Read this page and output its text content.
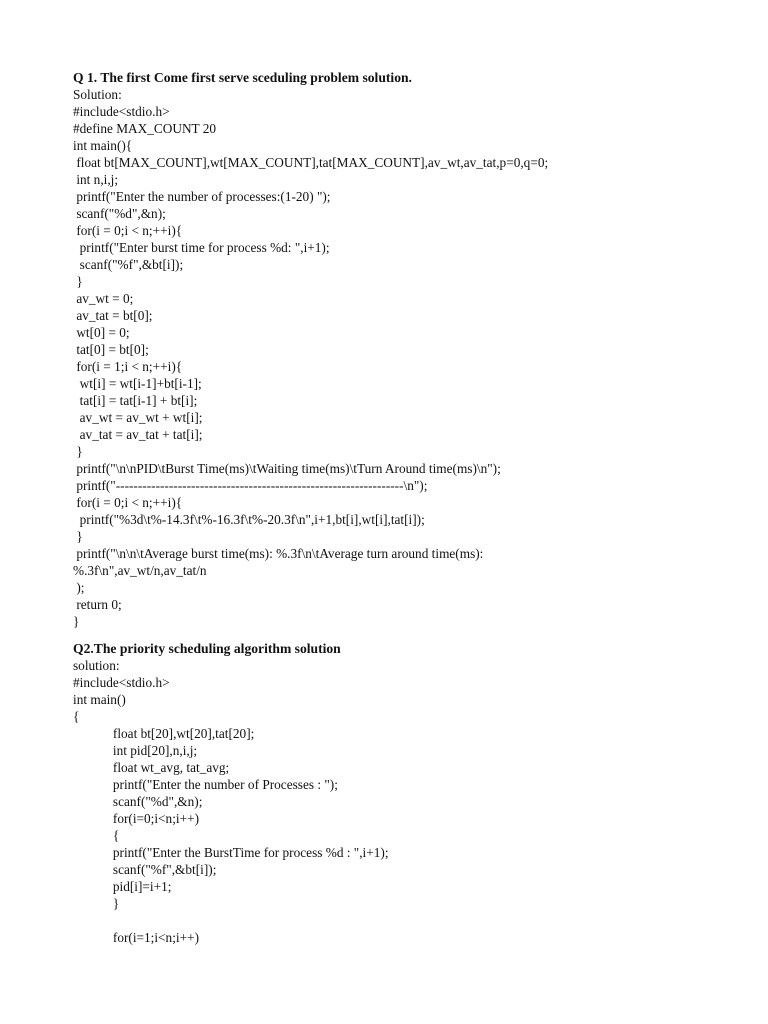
Q 1. The first Come first serve sceduling problem solution.
Solution:
#include<stdio.h>
#define MAX_COUNT 20
int main(){
float bt[MAX_COUNT],wt[MAX_COUNT],tat[MAX_COUNT],av_wt,av_tat,p=0,q=0;
int n,i,j;
printf("Enter the number of processes:(1-20) ");
scanf("%d",&n);
for(i = 0;i < n;++i){
printf("Enter burst time for process %d: ",i+1);
scanf("%f",&bt[i]);
}
av_wt = 0;
av_tat = bt[0];
wt[0] = 0;
tat[0] = bt[0];
for(i = 1;i < n;++i){
wt[i] = wt[i-1]+bt[i-1];
tat[i] = tat[i-1] + bt[i];
av_wt = av_wt + wt[i];
av_tat = av_tat + tat[i];
}
printf("\n\nPID\tBurst Time(ms)\tWaiting time(ms)\tTurn Around time(ms)\n");
printf("-----------------------------------------------------------------\n");
for(i = 0;i < n;++i){
printf("%3d\t%-14.3f\t%-16.3f\t%-20.3f\n",i+1,bt[i],wt[i],tat[i]);
}
printf("\n\n\tAverage burst time(ms): %.3f\n\tAverage turn around time(ms):
%.3f\n",av_wt/n,av_tat/n
);
return 0;
}
Q2.The priority scheduling algorithm solution
solution:
#include<stdio.h>
int main()
{
float bt[20],wt[20],tat[20];
int pid[20],n,i,j;
float wt_avg, tat_avg;
printf("Enter the number of Processes : ");
scanf("%d",&n);
for(i=0;i<n;i++)
{
printf("Enter the BurstTime for process %d : ",i+1);
scanf("%f",&bt[i]);
pid[i]=i+1;
}
for(i=1;i<n;i++)
